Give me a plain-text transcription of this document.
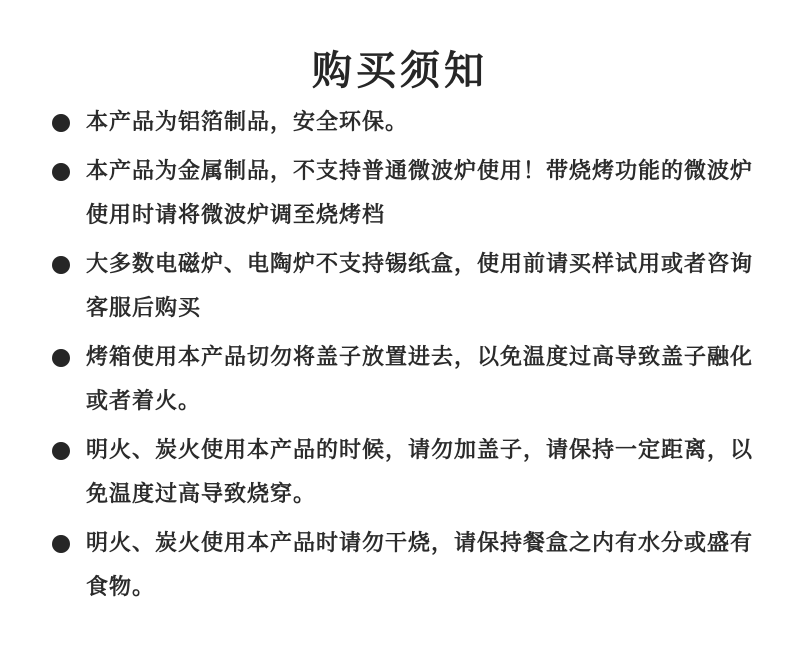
购买须知
本产品为铝箔制品，安全环保。
本产品为金属制品，不支持普通微波炉使用！带烧烤功能的微波炉使用时请将微波炉调至烧烤档
大多数电磁炉、电陶炉不支持锡纸盒，使用前请买样试用或者咨询客服后购买
烤箱使用本产品切勿将盖子放置进去，以免温度过高导致盖子融化或者着火。
明火、炭火使用本产品的时候，请勿加盖子，请保持一定距离，以免温度过高导致烧穿。
明火、炭火使用本产品时请勿干烧，请保持餐盒之内有水分或盛有食物。
